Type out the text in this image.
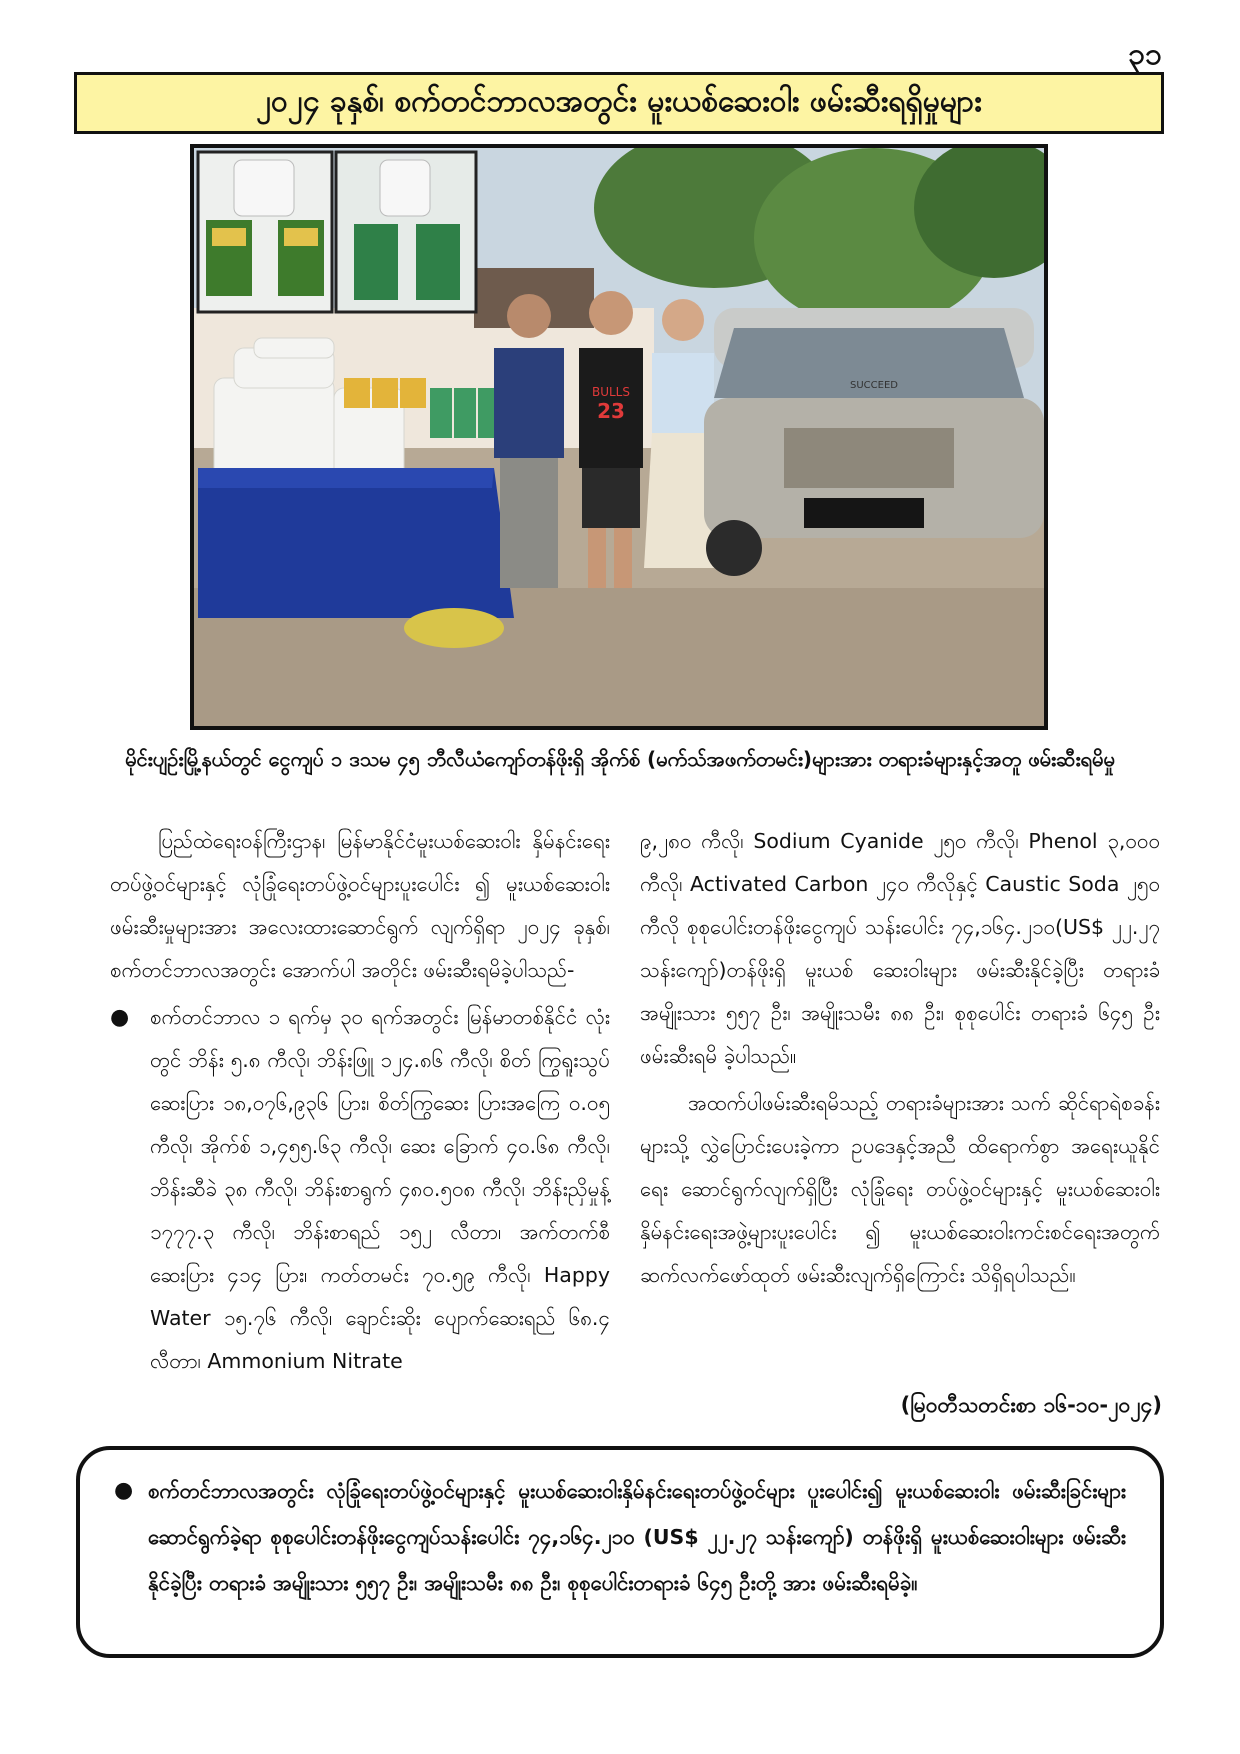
၃၁
၂၀၂၄ ခုနှစ်၊ စက်တင်ဘာလအတွင်း မူးယစ်ဆေးဝါး ဖမ်းဆီးရရှိမှုများ
BULLS
23
SUCCEED
မိုင်းပျဉ်းမြို့နယ်တွင် ငွေကျပ် ၁ ဒသမ ၄၅ ဘီလီယံကျော်တန်ဖိုးရှိ အိုက်စ် (မက်သ်အဖက်တမင်း)များအား တရားခံများနှင့်အတူ ဖမ်းဆီးရမိမှု

ပြည်ထဲရေးဝန်ကြီးဌာန၊ မြန်မာနိုင်ငံမူးယစ်ဆေးဝါး နှိမ်နင်းရေးတပ်ဖွဲ့ဝင်များနှင့် လုံခြုံရေးတပ်ဖွဲ့ဝင်များပူးပေါင်း ၍ မူးယစ်ဆေးဝါးဖမ်းဆီးမှုများအား အလေးထားဆောင်ရွက် လျက်ရှိရာ ၂၀၂၄ ခုနှစ်၊ စက်တင်ဘာလအတွင်း အောက်ပါ အတိုင်း ဖမ်းဆီးရမိခဲ့ပါသည်-

●	စက်တင်ဘာလ ၁ ရက်မှ ၃၀ ရက်အတွင်း မြန်မာတစ်နိုင်ငံ လုံးတွင် ဘိန်း ၅.၈ ကီလို၊ ဘိန်းဖြူ ၁၂၄.၈၆ ကီလို၊ စိတ် ကြွရူးသွပ်ဆေးပြား ၁၈,၀၇၆,၉၃၆ ပြား၊ စိတ်ကြွဆေး ပြားအကြေ ၀.၀၅ ကီလို၊ အိုက်စ် ၁,၄၅၅.၆၃ ကီလို၊ ဆေး ခြောက် ၄၀.၆၈ ကီလို၊ ဘိန်းဆီခဲ ၃၈ ကီလို၊ ဘိန်းစာရွက် ၄၈၀.၅၀၈ ကီလို၊ ဘိန်းညှိမှုန့် ၁၇၇၇.၃ ကီလို၊ ဘိန်းစာရည် ၁၅၂ လီတာ၊ အက်တက်စီဆေးပြား ၄၁၄ ပြား၊ ကတ်တမင်း ၇၀.၅၉ ကီလို၊ Happy Water ၁၅.၇၆ ကီလို၊ ချောင်းဆိုး ပျောက်ဆေးရည် ၆၈.၄ လီတာ၊ Ammonium Nitrate

၉,၂၈၀ ကီလို၊ Sodium Cyanide ၂၅၀ ကီလို၊ Phenol ၃,၀၀၀ ကီလို၊ Activated Carbon ၂၄၀ ကီလိုနှင့် Caustic Soda ၂၅၀ ကီလို စုစုပေါင်းတန်ဖိုးငွေကျပ် သန်းပေါင်း ၇၄,၁၆၄.၂၁၀(US$ ၂၂.၂၇ သန်းကျော်)တန်ဖိုးရှိ မူးယစ် ဆေးဝါးများ ဖမ်းဆီးနိုင်ခဲ့ပြီး တရားခံအမျိုးသား ၅၅၇ ဦး၊ အမျိုးသမီး ၈၈ ဦး၊ စုစုပေါင်း တရားခံ ၆၄၅ ဦး ဖမ်းဆီးရမိ ခဲ့ပါသည်။

အထက်ပါဖမ်းဆီးရမိသည့် တရားခံများအား သက် ဆိုင်ရာရဲစခန်းများသို့ လွှဲပြောင်းပေးခဲ့ကာ ဥပဒေနှင့်အညီ ထိရောက်စွာ အရေးယူနိုင်ရေး ဆောင်ရွက်လျက်ရှိပြီး လုံခြုံရေး တပ်ဖွဲ့ဝင်များနှင့် မူးယစ်ဆေးဝါးနှိမ်နင်းရေးအဖွဲ့များပူးပေါင်း ၍ မူးယစ်ဆေးဝါးကင်းစင်ရေးအတွက် ဆက်လက်ဖော်ထုတ် ဖမ်းဆီးလျက်ရှိကြောင်း သိရှိရပါသည်။

(မြဝတီသတင်းစာ ၁၆-၁၀-၂၀၂၄)
● စက်တင်ဘာလအတွင်း လုံခြုံရေးတပ်ဖွဲ့ဝင်များနှင့် မူးယစ်ဆေးဝါးနှိမ်နင်းရေးတပ်ဖွဲ့ဝင်များ ပူးပေါင်း၍ မူးယစ်ဆေးဝါး ဖမ်းဆီးခြင်းများဆောင်ရွက်ခဲ့ရာ စုစုပေါင်းတန်ဖိုးငွေကျပ်သန်းပေါင်း ၇၄,၁၆၄.၂၁၀ (US$ ၂၂.၂၇ သန်းကျော်) တန်ဖိုးရှိ မူးယစ်ဆေးဝါးများ ဖမ်းဆီးနိုင်ခဲ့ပြီး တရားခံ အမျိုးသား ၅၅၇ ဦး၊ အမျိုးသမီး ၈၈ ဦး၊ စုစုပေါင်းတရားခံ ၆၄၅ ဦးတို့ အား ဖမ်းဆီးရမိခဲ့။
